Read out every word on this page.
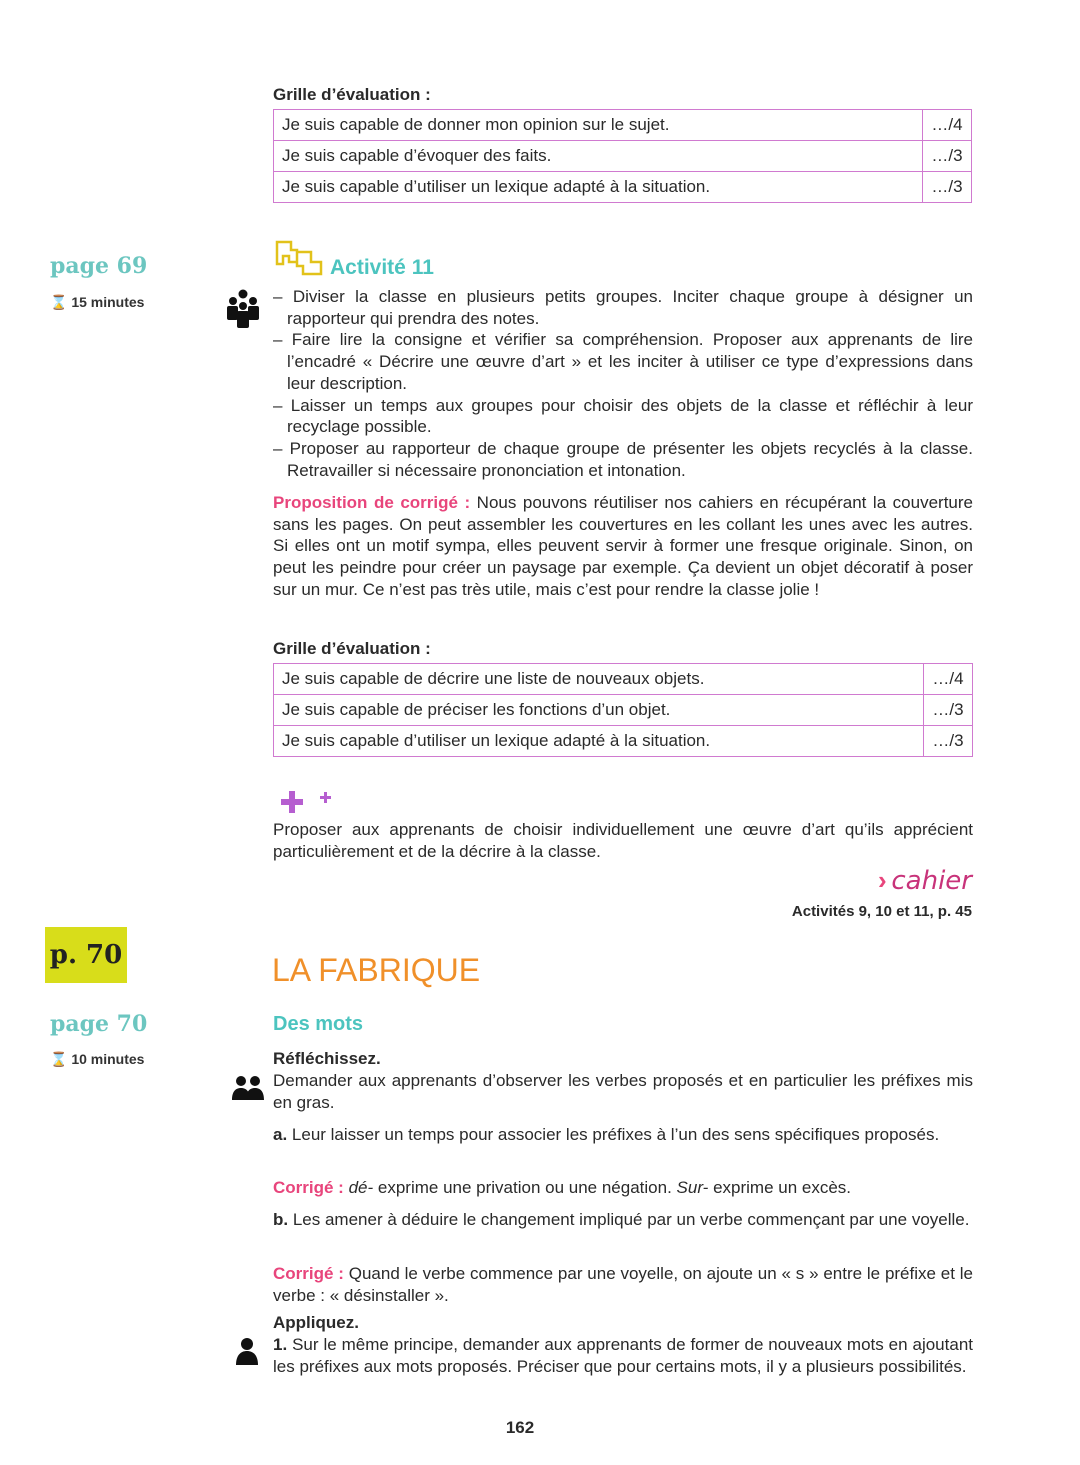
Grille d’évaluation :
Je suis capable de donner mon opinion sur le sujet.	…/4
Je suis capable d’évoquer des faits.	…/3
Je suis capable d’utiliser un lexique adapté à la situation.	…/3
page 69
⌛ 15 minutes
Activité 11
– Diviser la classe en plusieurs petits groupes. Inciter chaque groupe à désigner un rapporteur qui prendra des notes.
– Faire lire la consigne et vérifier sa compréhension. Proposer aux apprenants de lire l’encadré « Décrire une œuvre d’art » et les inciter à utiliser ce type d’expressions dans leur description.
– Laisser un temps aux groupes pour choisir des objets de la classe et réfléchir à leur recyclage possible.
– Proposer au rapporteur de chaque groupe de présenter les objets recyclés à la classe. Retravailler si nécessaire prononciation et intonation.

Proposition de corrigé : Nous pouvons réutiliser nos cahiers en récupérant la couverture sans les pages. On peut assembler les couvertures en les collant les unes avec les autres. Si elles ont un motif sympa, elles peuvent servir à former une fresque originale. Sinon, on peut les peindre pour créer un paysage par exemple. Ça devient un objet décoratif à poser sur un mur. Ce n’est pas très utile, mais c’est pour rendre la classe jolie !

Grille d’évaluation :
Je suis capable de décrire une liste de nouveaux objets.	…/4
Je suis capable de préciser les fonctions d’un objet.	…/3
Je suis capable d’utiliser un lexique adapté à la situation.	…/3

Proposer aux apprenants de choisir individuellement une œuvre d’art qu’ils apprécient particulièrement et de la décrire à la classe.

› cahier
Activités 9, 10 et 11, p. 45
p. 70	LA FABRIQUE
page 70
⌛ 10 minutes
Des mots
Réfléchissez.

Demander aux apprenants d’observer les verbes proposés et en particulier les préfixes mis en gras.

a. Leur laisser un temps pour associer les préfixes à l’un des sens spécifiques proposés.

Corrigé : dé- exprime une privation ou une négation. Sur- exprime un excès.

b. Les amener à déduire le changement impliqué par un verbe commençant par une voyelle.

Corrigé : Quand le verbe commence par une voyelle, on ajoute un « s » entre le préfixe et le verbe : « désinstaller ».

Appliquez.

1. Sur le même principe, demander aux apprenants de former de nouveaux mots en ajoutant les préfixes aux mots proposés. Préciser que pour certains mots, il y a plusieurs possibilités.

162
